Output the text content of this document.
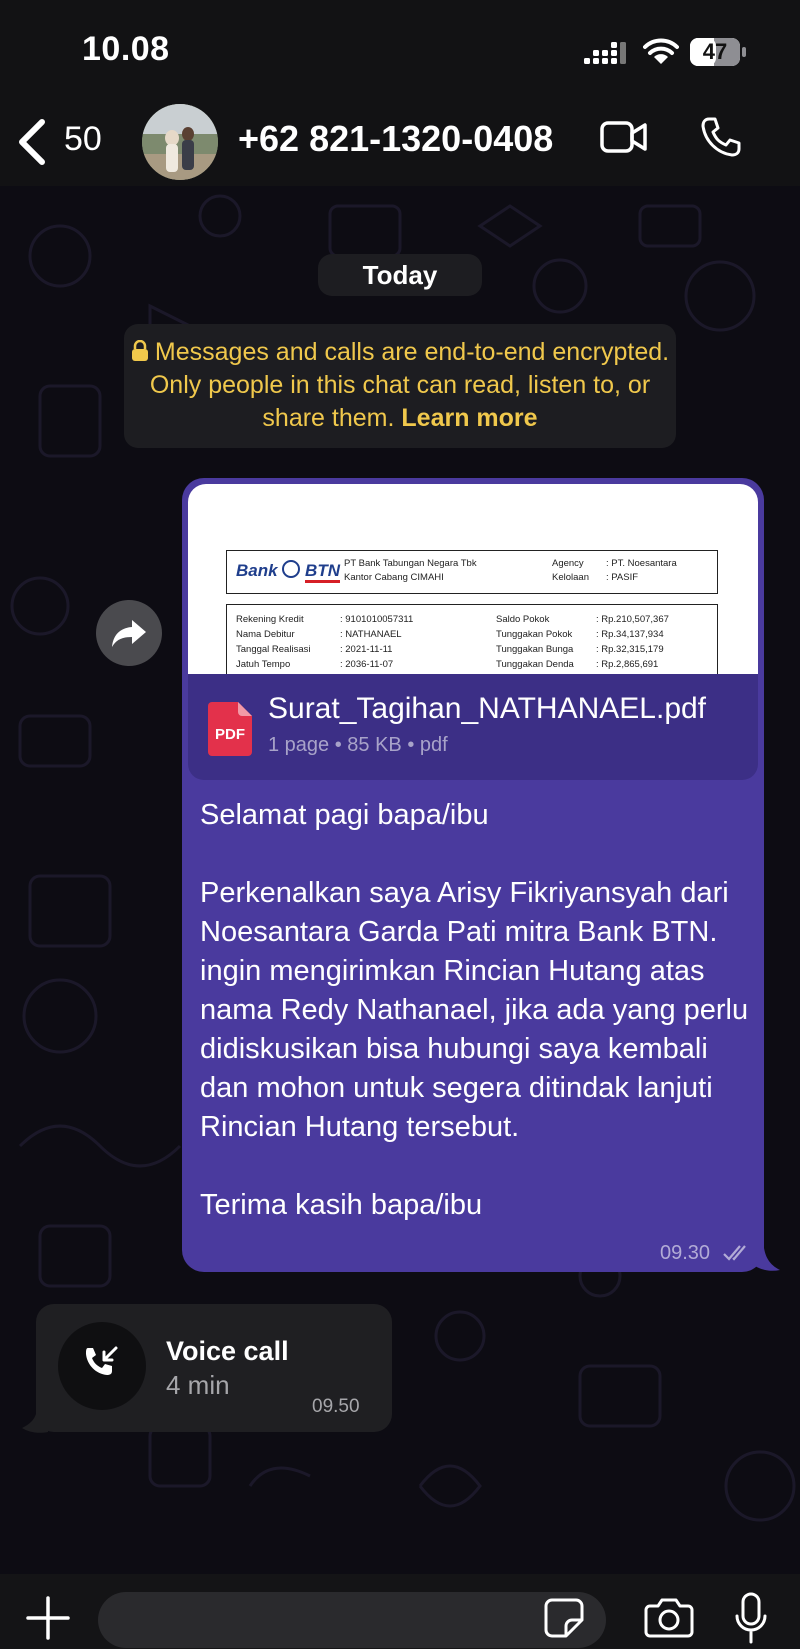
10.08	47
50	+62 821-1320-0408
Today
Messages and calls are end-to-end encrypted. Only people in this chat can read, listen to, or share them. Learn more
Bank BTN PT Bank Tabungan Negara Tbk
Kantor Cabang CIMAHI
Agency : PT. Noesantara
Kelolaan : PASIF
Rekening Kredit	: 9101010057311	Saldo Pokok	: Rp.210,507,367
Nama Debitur	: NATHANAEL	Tunggakan Pokok	: Rp.34,137,934
Tanggal Realisasi	: 2021-11-11	Tunggakan Bunga : Rp.32,315,179
Jatuh Tempo	: 2036-11-07	Tunggakan Denda : Rp.2,865,691
PDF
Surat_Tagihan_NATHANAEL.pdf
1 page • 85 KB • pdf
Selamat pagi bapa/ibu

Perkenalkan saya Arisy Fikriyansyah dari Noesantara Garda Pati mitra Bank BTN. ingin mengirimkan Rincian Hutang atas nama Redy Nathanael, jika ada yang perlu didiskusikan bisa hubungi saya kembali dan mohon untuk segera ditindak lanjuti Rincian Hutang tersebut.

Terima kasih bapa/ibu
09.30
Voice call
4 min
09.50
